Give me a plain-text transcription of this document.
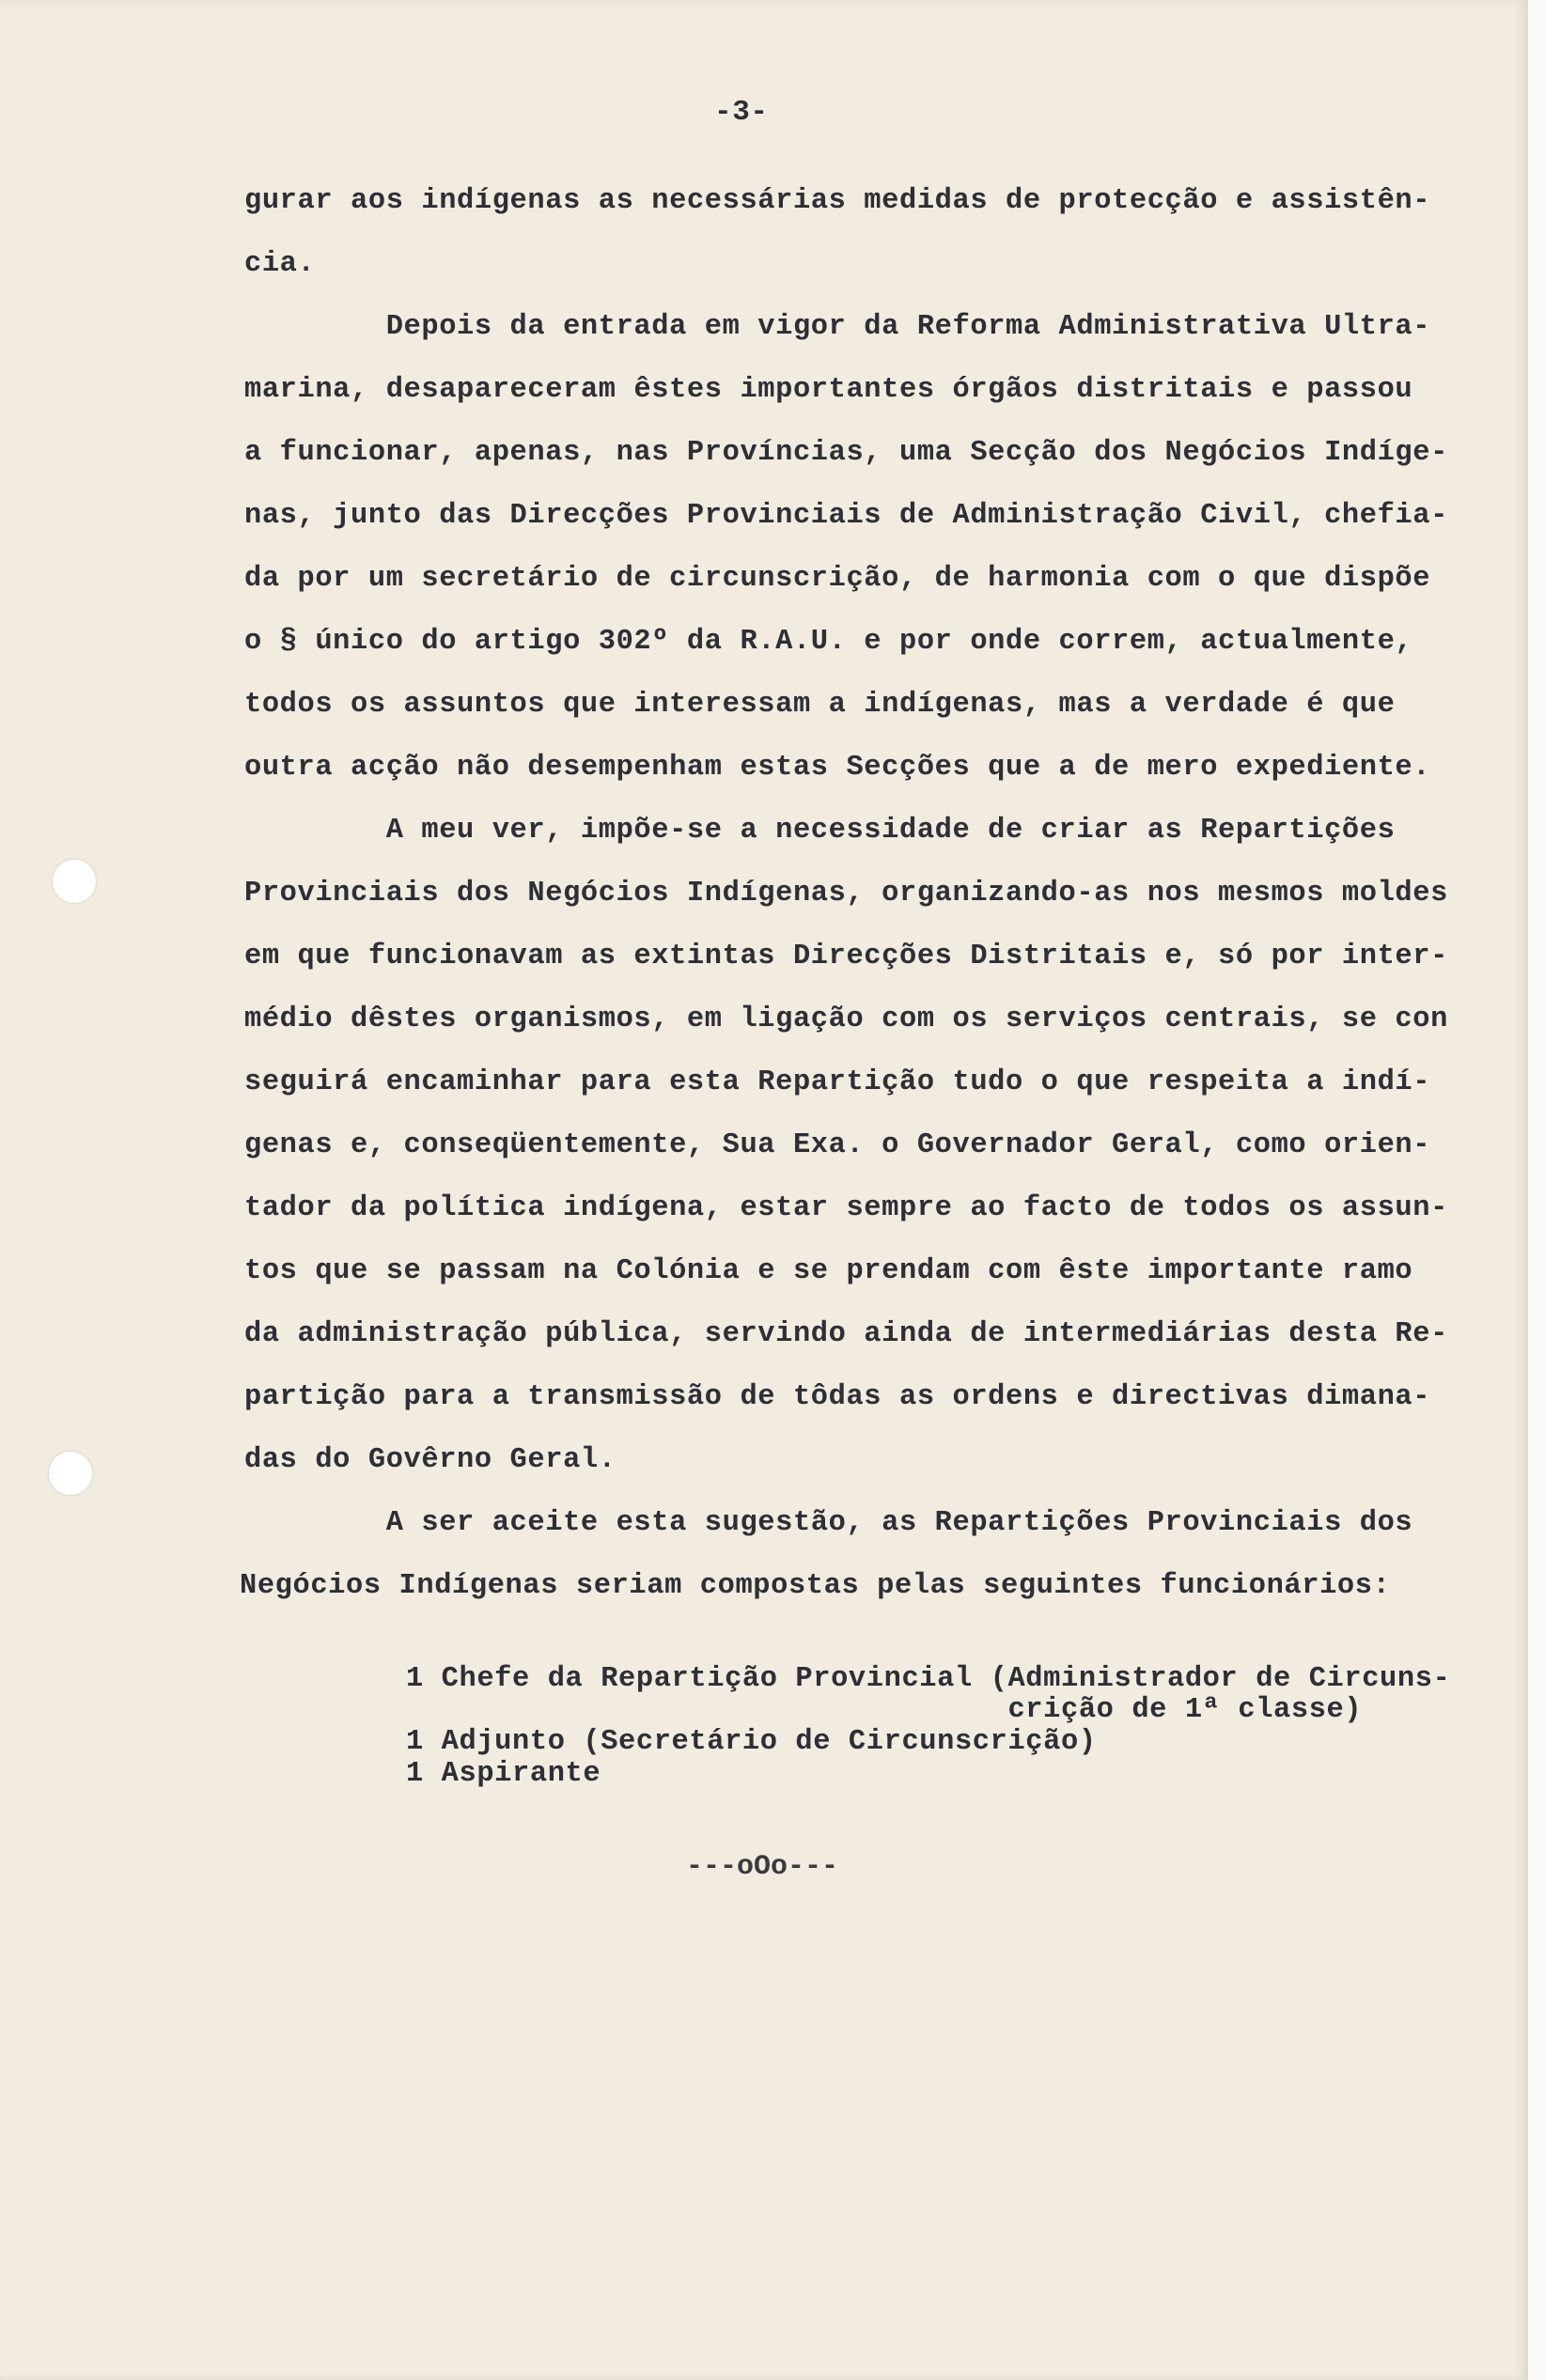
-3-
gurar aos indígenas as necessárias medidas de protecção e assistên-
cia.
Depois da entrada em vigor da Reforma Administrativa Ultra-
marina, desapareceram êstes importantes órgãos distritais e passou
a funcionar, apenas, nas Províncias, uma Secção dos Negócios Indíge-
nas, junto das Direcções Provinciais de Administração Civil, chefia-
da por um secretário de circunscrição, de harmonia com o que dispõe
o § único do artigo 302º da R.A.U. e por onde correm, actualmente,
todos os assuntos que interessam a indígenas, mas a verdade é que
outra acção não desempenham estas Secções que a de mero expediente.
A meu ver, impõe-se a necessidade de criar as Repartições
Provinciais dos Negócios Indígenas, organizando-as nos mesmos moldes
em que funcionavam as extintas Direcções Distritais e, só por inter-
médio dêstes organismos, em ligação com os serviços centrais, se con
seguirá encaminhar para esta Repartição tudo o que respeita a indí-
genas e, conseqüentemente, Sua Exa. o Governador Geral, como orien-
tador da política indígena, estar sempre ao facto de todos os assun-
tos que se passam na Colónia e se prendam com êste importante ramo
da administração pública, servindo ainda de intermediárias desta Re-
partição para a transmissão de tôdas as ordens e directivas dimana-
das do Govêrno Geral.
A ser aceite esta sugestão, as Repartições Provinciais dos
Negócios Indígenas seriam compostas pelas seguintes funcionários:
1 Chefe da Repartição Provincial (Administrador de Circuns-
crição de 1ª classe)
1 Adjunto (Secretário de Circunscrição)
1 Aspirante
---oOo---
